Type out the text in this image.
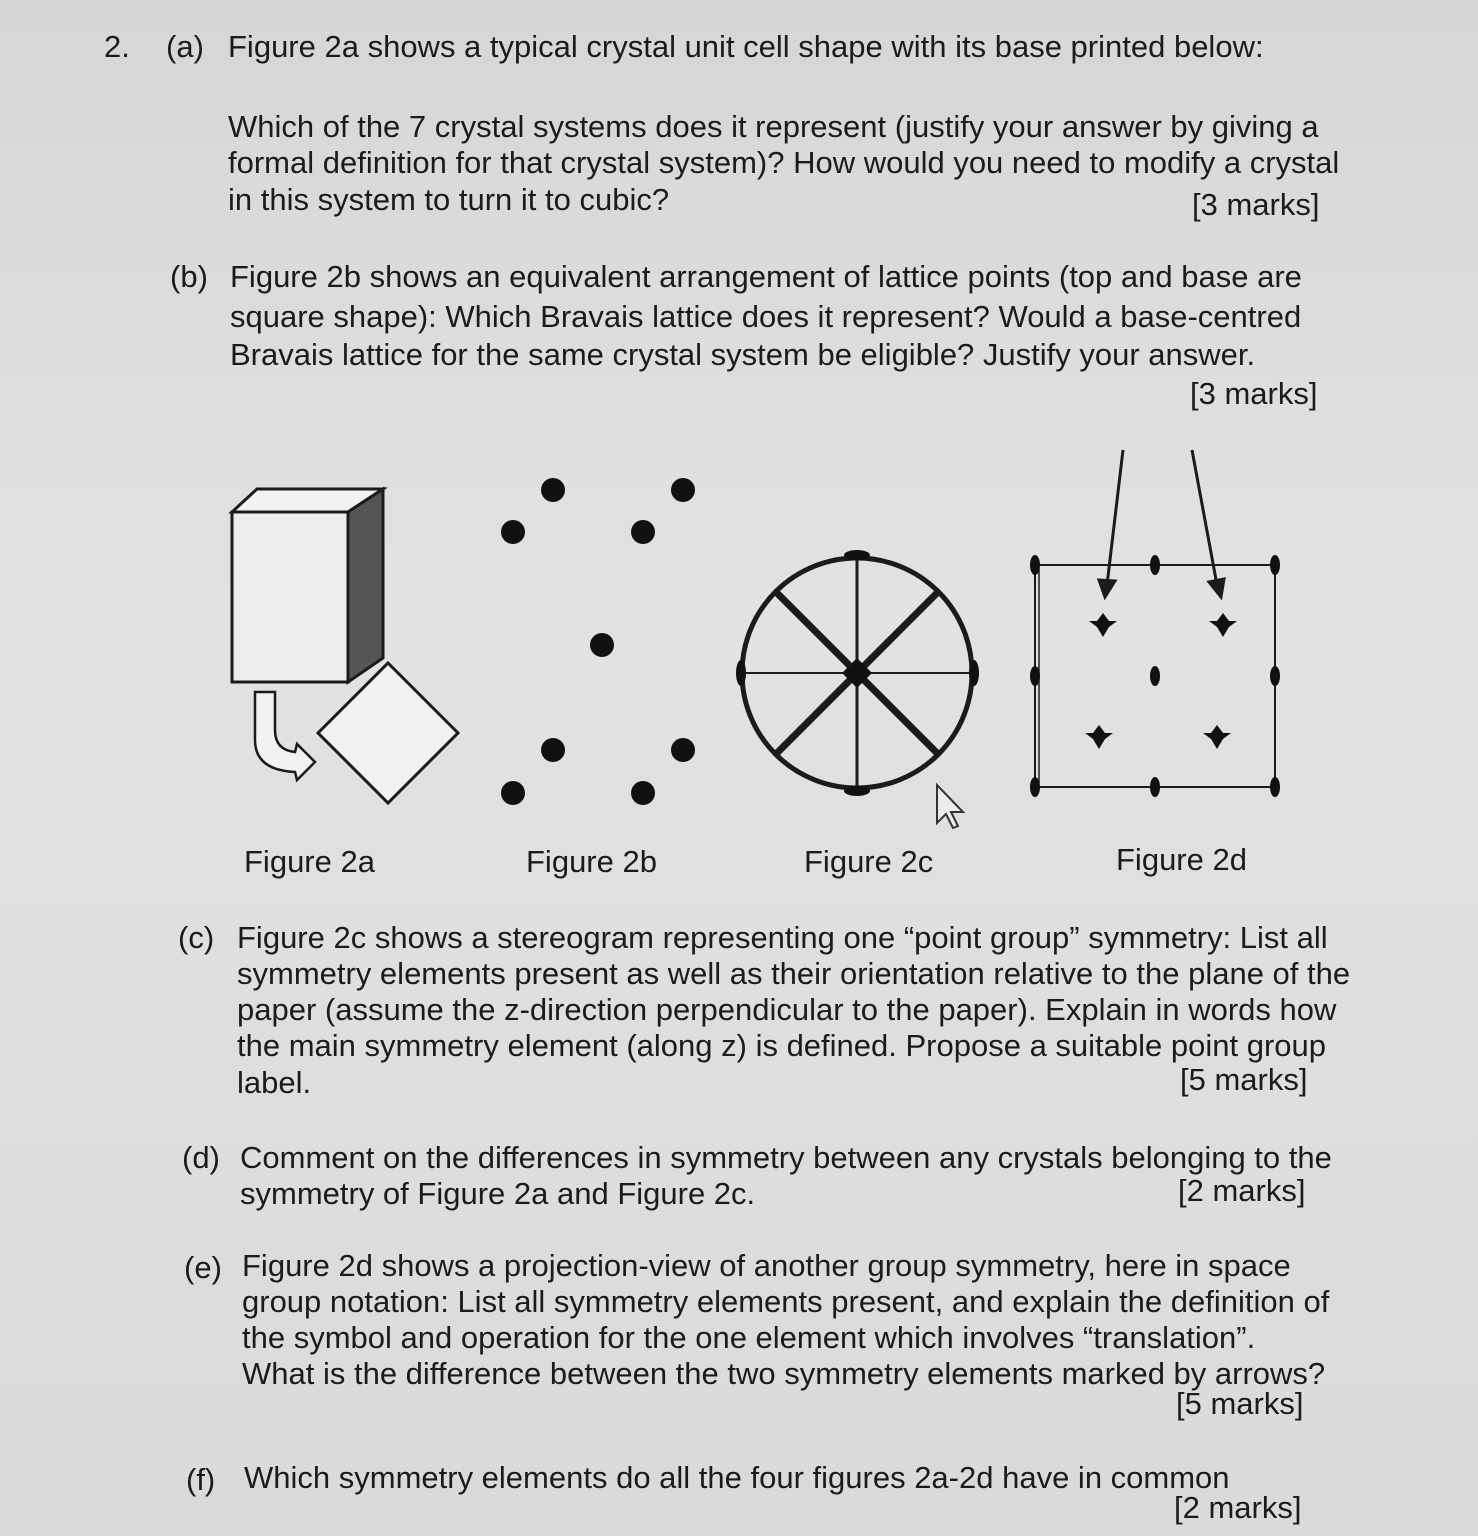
2. (a) Figure 2a shows a typical crystal unit cell shape with its base printed below:
Which of the 7 crystal systems does it represent (justify your answer by giving a
formal definition for that crystal system)? How would you need to modify a crystal
in this system to turn it to cubic?	[3 marks]
(b) Figure 2b shows an equivalent arrangement of lattice points (top and base are
square shape): Which Bravais lattice does it represent? Would a base-centred
Bravais lattice for the same crystal system be eligible? Justify your answer.
[3 marks]
Figure 2a	Figure 2b	Figure 2c	Figure 2d
(c) Figure 2c shows a stereogram representing one “point group” symmetry: List all
symmetry elements present as well as their orientation relative to the plane of the
paper (assume the z-direction perpendicular to the paper). Explain in words how
the main symmetry element (along z) is defined. Propose a suitable point group
label.	[5 marks]
(d) Comment on the differences in symmetry between any crystals belonging to the
symmetry of Figure 2a and Figure 2c.	[2 marks]
(e) Figure 2d shows a projection-view of another group symmetry, here in space
group notation: List all symmetry elements present, and explain the definition of
the symbol and operation for the one element which involves “translation”.
What is the difference between the two symmetry elements marked by arrows?
[5 marks]
(f) Which symmetry elements do all the four figures 2a-2d have in common
[2 marks]
